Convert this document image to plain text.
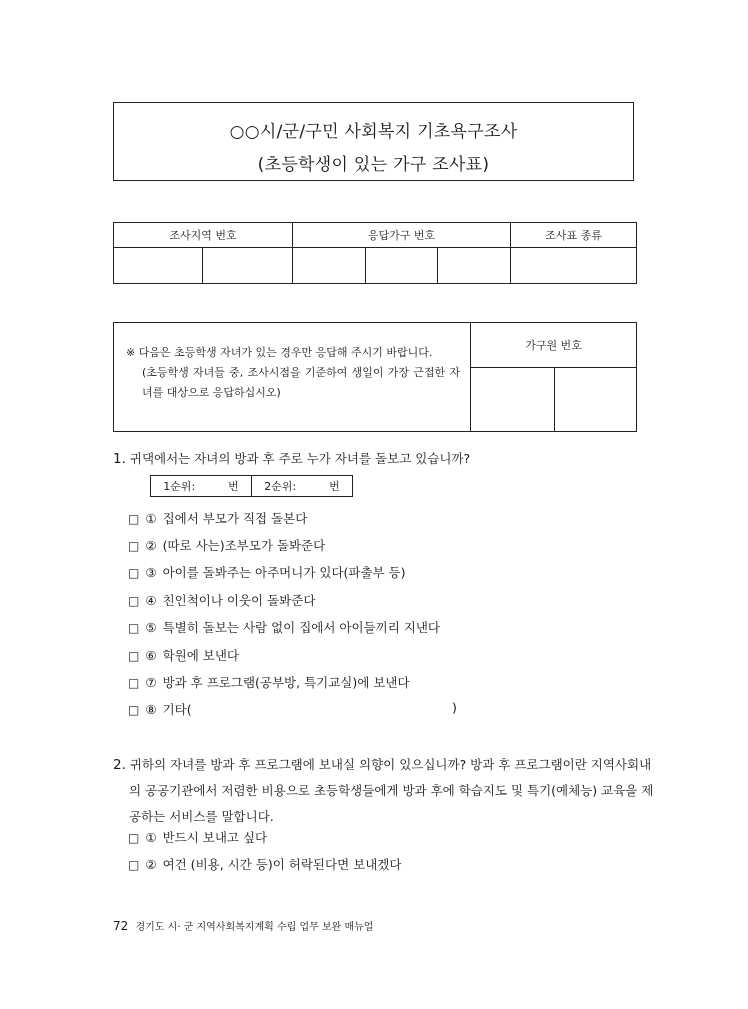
○○시/군/구민 사회복지 기초욕구조사
(초등학생이 있는 가구 조사표)
조사지역 번호		응답가구 번호			조사표 종류

※ 다음은 초등학생 자녀가 있는 경우만 응답해 주시기 바랍니다.
(초등학생 자녀들 중, 조사시점을 기준하여 생일이 가장 근접한 자
녀를 대상으로 응답하십시오)	가구원 번호	

1. 귀댁에서는 자녀의 방과 후 주로 누가 자녀를 돌보고 있습니까?
1순위:	번	2순위:	번
□ ① 집에서 부모가 직접 돌본다
□ ② (따로 사는)조부모가 돌봐준다
□ ③ 아이를 돌봐주는 아주머니가 있다(파출부 등)
□ ④ 친인척이나 이웃이 돌봐준다
□ ⑤ 특별히 돌보는 사람 없이 집에서 아이들끼리 지낸다
□ ⑥ 학원에 보낸다
□ ⑦ 방과 후 프로그램(공부방, 특기교실)에 보낸다
□ ⑧ 기타(	)
2. 귀하의 자녀를 방과 후 프로그램에 보내실 의향이 있으십니까? 방과 후 프로그램이란 지역사회내
의 공공기관에서 저렴한 비용으로 초등학생들에게 방과 후에 학습지도 및 특기(예체능) 교육을 제
공하는 서비스를 말합니다.
□ ① 반드시 보내고 싶다
□ ② 여건 (비용, 시간 등)이 허락된다면 보내겠다
72 경기도 시· 군 지역사회복지계획 수립 업무 보완 매뉴얼
